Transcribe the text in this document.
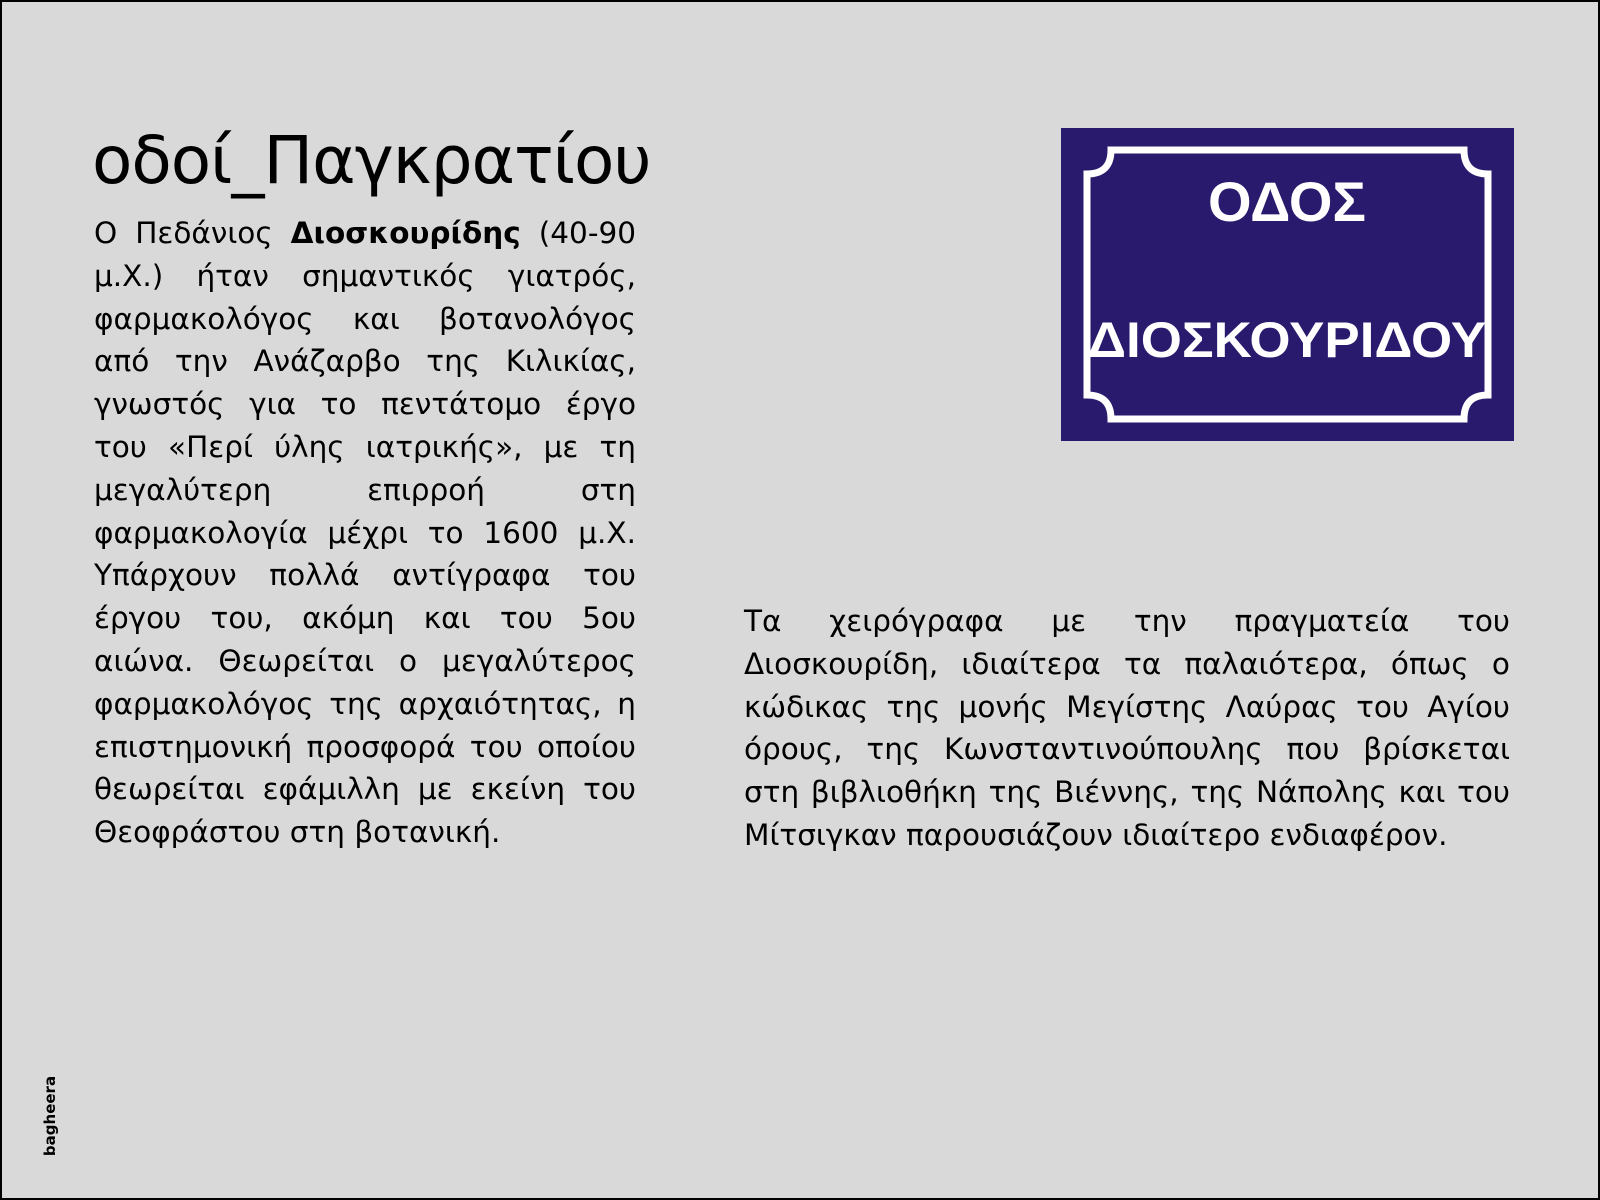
οδοί_Παγκρατίου

Ο Πεδάνιος Διοσκουρίδης (40-90 μ.Χ.) ήταν σημαντικός γιατρός, φαρμακολόγος και βοτανολόγος από την Ανάζαρβο της Κιλικίας, γνωστός για το πεντάτομο έργο του «Περί ύλης ιατρικής», με τη μεγαλύτερη επιρροή στη φαρμακολογία μέχρι το 1600 μ.Χ. Υπάρχουν πολλά αντίγραφα του έργου του, ακόμη και του 5ου αιώνα. Θεωρείται ο μεγαλύτερος φαρμακολόγος της αρχαιότητας, η επιστημονική προσφορά του οποίου θεωρείται εφάμιλλη με εκείνη του Θεοφράστου στη βοτανική.

Τα χειρόγραφα με την πραγματεία του Διοσκουρίδη, ιδιαίτερα τα παλαιότερα, όπως ο κώδικας της μονής Μεγίστης Λαύρας του Αγίου όρους, της Κωνσταντινούπουλης που βρίσκεται στη βιβλιοθήκη της Βιέννης, της Νάπολης και του Μίτσιγκαν παρουσιάζουν ιδιαίτερο ενδιαφέρον.

ΟΔΟΣ
ΔΙΟΣΚΟΥΡΙΔΟΥ
bagheera
